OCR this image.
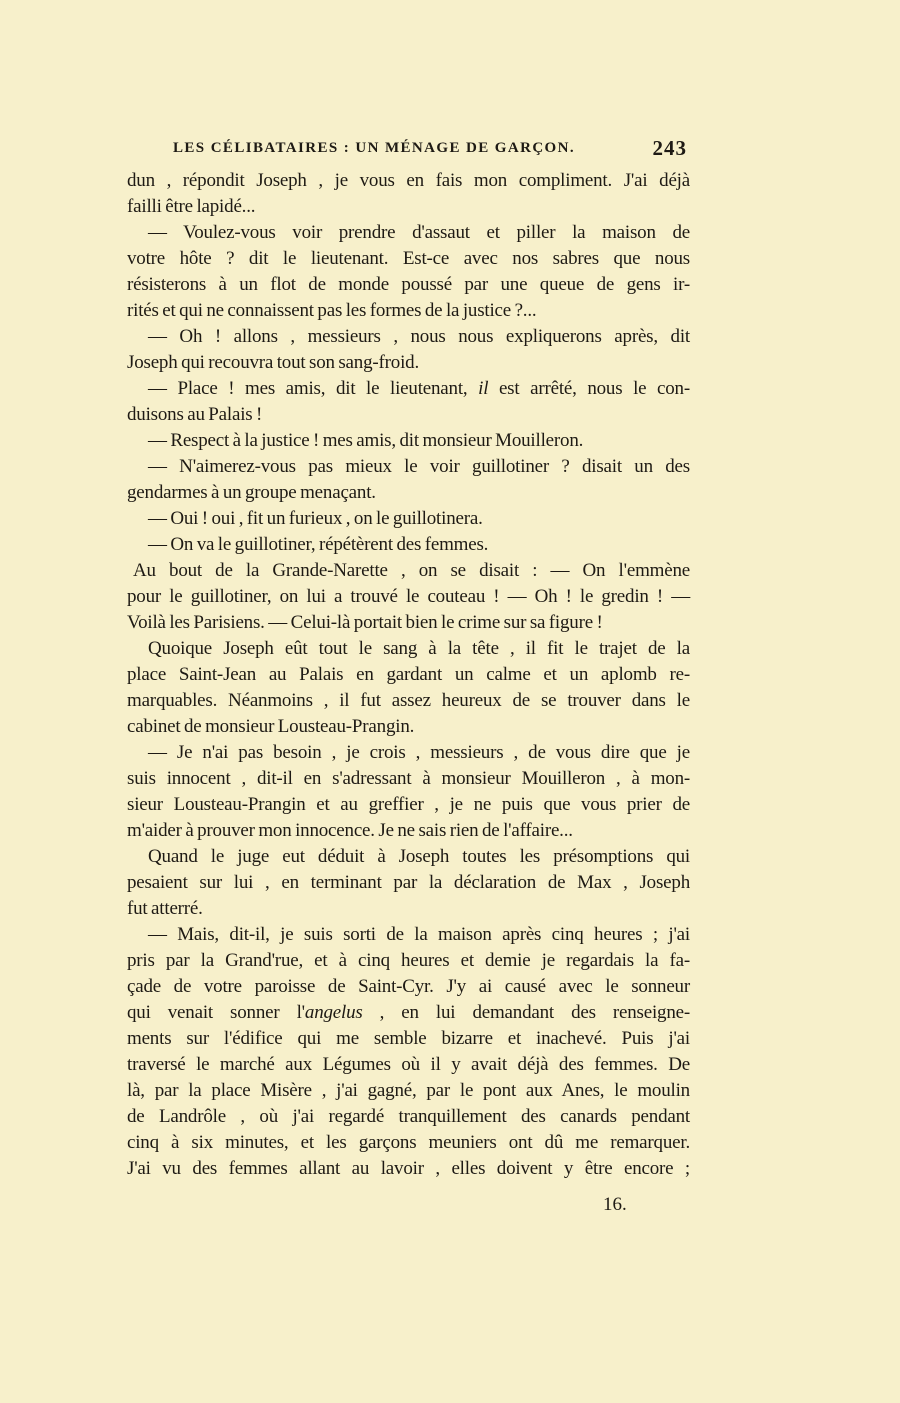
LES CÉLIBATAIRES : UN MÉNAGE DE GARÇON.	243
dun , répondit Joseph , je vous en fais mon compliment. J'ai déjà
failli être lapidé...
— Voulez-vous voir prendre d'assaut et piller la maison de
votre hôte ? dit le lieutenant. Est-ce avec nos sabres que nous
résisterons à un flot de monde poussé par une queue de gens ir-
rités et qui ne connaissent pas les formes de la justice ?...
— Oh ! allons , messieurs , nous nous expliquerons après, dit
Joseph qui recouvra tout son sang-froid.
— Place ! mes amis, dit le lieutenant, il est arrêté, nous le con-
duisons au Palais !
— Respect à la justice ! mes amis, dit monsieur Mouilleron.
— N'aimerez-vous pas mieux le voir guillotiner ? disait un des
gendarmes à un groupe menaçant.
— Oui ! oui , fit un furieux , on le guillotinera.
— On va le guillotiner, répétèrent des femmes.
Au bout de la Grande-Narette , on se disait : — On l'emmène
pour le guillotiner, on lui a trouvé le couteau ! — Oh ! le gredin ! —
Voilà les Parisiens. — Celui-là portait bien le crime sur sa figure !
Quoique Joseph eût tout le sang à la tête , il fit le trajet de la
place Saint-Jean au Palais en gardant un calme et un aplomb re-
marquables. Néanmoins , il fut assez heureux de se trouver dans le
cabinet de monsieur Lousteau-Prangin.
— Je n'ai pas besoin , je crois , messieurs , de vous dire que je
suis innocent , dit-il en s'adressant à monsieur Mouilleron , à mon-
sieur Lousteau-Prangin et au greffier , je ne puis que vous prier de
m'aider à prouver mon innocence. Je ne sais rien de l'affaire...
Quand le juge eut déduit à Joseph toutes les présomptions qui
pesaient sur lui , en terminant par la déclaration de Max , Joseph
fut atterré.
— Mais, dit-il, je suis sorti de la maison après cinq heures ; j'ai
pris par la Grand'rue, et à cinq heures et demie je regardais la fa-
çade de votre paroisse de Saint-Cyr. J'y ai causé avec le sonneur
qui venait sonner l'angelus , en lui demandant des renseigne-
ments sur l'édifice qui me semble bizarre et inachevé. Puis j'ai
traversé le marché aux Légumes où il y avait déjà des femmes. De
là, par la place Misère , j'ai gagné, par le pont aux Anes, le moulin
de Landrôle , où j'ai regardé tranquillement des canards pendant
cinq à six minutes, et les garçons meuniers ont dû me remarquer.
J'ai vu des femmes allant au lavoir , elles doivent y être encore ;
16.
